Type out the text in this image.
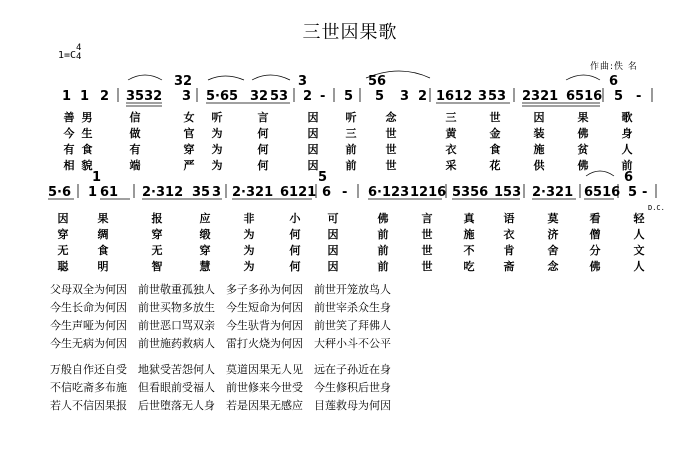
三世因果歌
1=C
4
4
作曲:佚 名
1 1 2 3532 3 5·65 32 53 2 - 5 5 3 2 1612 3 53 2321 6516 5 -
32	3	56	6
5·6 1 61 2·312 35 3 2·321 6121 6 - 6·123 1216 5356 153 2·321 6516 5 -
1	5	6
D.C.
善 男	信	女 听	言	因 听	念	三	世	因	果	歌
今 生	做	官 为	何	因 三	世	黄	金	装	佛	身
有 食	有	穿 为	何	因 前	世	衣	食	施	贫	人
相 貌	端	严 为	何	因 前	世	采	花	供	佛	前
因	果	报	应	非	小 可	佛	言	真	语	莫	看	轻
穿	绸	穿	缎	为	何 因	前	世	施	衣	济	僧	人
无	食	无	穿	为	何 因	前	世	不	肯	舍	分	文
聪	明	智	慧	为	何 因	前	世	吃	斋	念	佛	人
父母双全为何因　前世敬重孤独人　多子多孙为何因　前世开笼放鸟人
今生长命为何因　前世买物多放生　今生短命为何因　前世宰杀众生身
今生声哑为何因　前世恶口骂双亲　今生驮背为何因　前世笑了拜佛人
今生无病为何因　前世施药救病人　雷打火烧为何因　大秤小斗不公平
万般自作还自受　地狱受苦怨何人　莫道因果无人见　远在子孙近在身
不信吃斋多布施　但看眼前受福人　前世修来今世受　今生修积后世身
若人不信因果报　后世堕落无人身　若是因果无感应　目莲救母为何因
